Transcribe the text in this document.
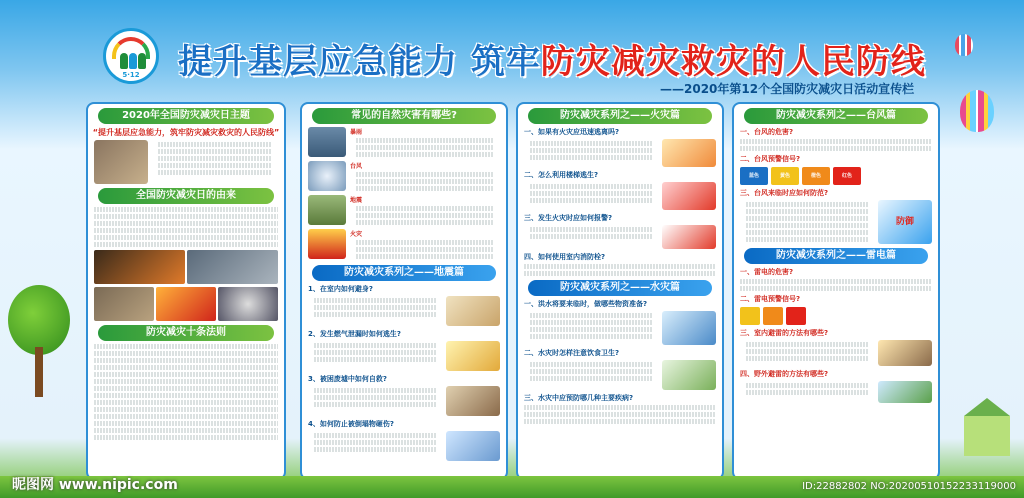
5·12	提升基层应急能力 筑牢防灾减灾救灾的人民防线
——2020年第12个全国防灾减灾日活动宣传栏
2020年全国防灾减灾日主题
“提升基层应急能力，筑牢防灾减灾救灾的人民防线”
全国防灾减灾日的由来
防灾减灾十条法则
常见的自然灾害有哪些?
暴雨
台风
地震
火灾
防灾减灾系列之——地震篇
1、在室内如何避身?
2、发生燃气泄漏时如何逃生?
3、被困废墟中如何自救?
4、如何防止被倒塌物砸伤?
防灾减灾系列之——火灾篇
一、如果有火灾应迅速逃离吗?
二、怎么利用楼梯逃生?
三、发生火灾时应如何报警?
四、如何使用室内消防栓?
防灾减灾系列之——水灾篇
一、洪水将要来临时，做哪些物资准备?
二、水灾时怎样注意饮食卫生?
三、水灾中应预防哪几种主要疾病?
防灾减灾系列之——台风篇
一、台风的危害?
二、台风预警信号?
蓝色	黄色	橙色	红色
三、台风来临时应如何防范?
防御
防灾减灾系列之——雷电篇
一、雷电的危害?
二、雷电预警信号?
三、室内避雷的方法有哪些?
四、野外避雷的方法有哪些?
昵图网 www.nipic.com	ID:22882802 NO:20200510152233119000
